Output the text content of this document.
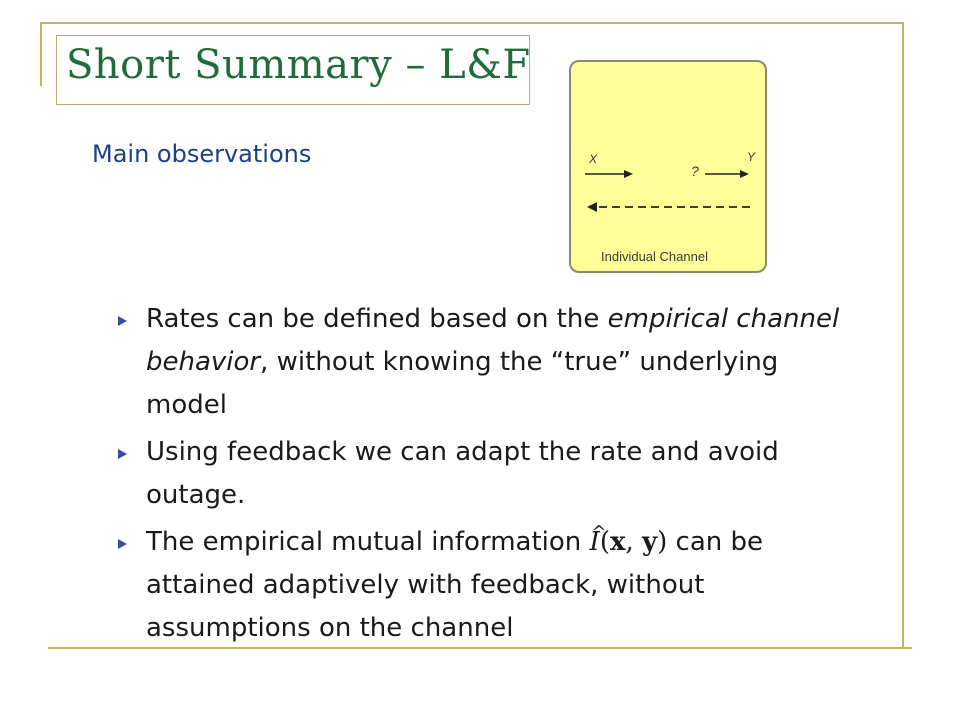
Short Summary – L&F
Main observations	X
?
Y
Individual Channel
Rates can be defined based on the empirical channel behavior, without knowing the “true” underlying model
Using feedback we can adapt the rate and avoid outage.
The empirical mutual information ^ I(x, y) can be attained adaptively with feedback, without assumptions on the channel
